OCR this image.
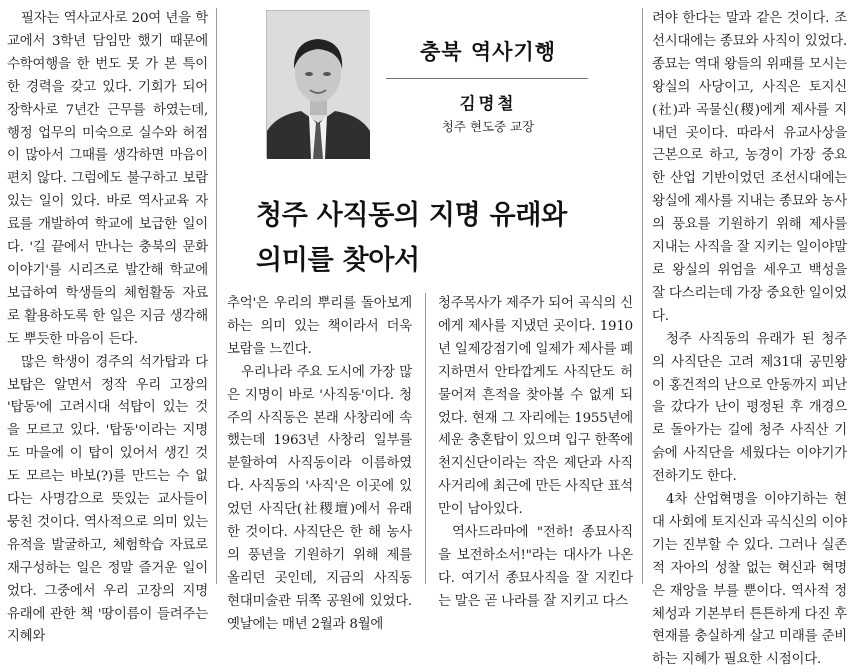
필자는 역사교사로 20여 년을 학교에서 3학년 담임만 했기 때문에 수학여행을 한 번도 못 가 본 특이한 경력을 갖고 있다. 기회가 되어 장학사로 7년간 근무를 하였는데, 행정 업무의 미숙으로 실수와 허점이 많아서 그때를 생각하면 마음이 편치 않다. 그럼에도 불구하고 보람 있는 일이 있다. 바로 역사교육 자료를 개발하여 학교에 보급한 일이다. '길 끝에서 만나는 충북의 문화 이야기'를 시리즈로 발간해 학교에 보급하여 학생들의 체험활동 자료로 활용하도록 한 일은 지금 생각해도 뿌듯한 마음이 든다.

많은 학생이 경주의 석가탑과 다보탑은 알면서 정작 우리 고장의 '탑동'에 고려시대 석탑이 있는 것을 모르고 있다. '탑동'이라는 지명도 마을에 이 탑이 있어서 생긴 것도 모르는 바보(?)를 만드는 수 없다는 사명감으로 뜻있는 교사들이 뭉친 것이다. 역사적으로 의미 있는 유적을 발굴하고, 체험학습 자료로 재구성하는 일은 정말 즐거운 일이었다. 그중에서 우리 고장의 지명 유래에 관한 책 '땅이름이 들려주는 지혜와

충북 역사기행
김명철
청주 현도중 교장
청주 사직동의 지명 유래와
의미를 찾아서

추억'은 우리의 뿌리를 돌아보게 하는 의미 있는 책이라서 더욱 보람을 느낀다.

우리나라 주요 도시에 가장 많은 지명이 바로 '사직동'이다. 청주의 사직동은 본래 사창리에 속했는데 1963년 사창리 일부를 분할하여 사직동이라 이름하였다. 사직동의 '사직'은 이곳에 있었던 사직단(社稷壇)에서 유래한 것이다. 사직단은 한 해 농사의 풍년을 기원하기 위해 제를 올리던 곳인데, 지금의 사직동 현대미술관 뒤쪽 공원에 있었다. 옛날에는 매년 2월과 8월에

청주목사가 제주가 되어 곡식의 신에게 제사를 지냈던 곳이다. 1910년 일제강점기에 일제가 제사를 폐지하면서 안타깝게도 사직단도 허물어져 흔적을 찾아볼 수 없게 되었다. 현재 그 자리에는 1955년에 세운 충혼탑이 있으며 입구 한쪽에 천지신단이라는 작은 제단과 사직사거리에 최근에 만든 사직단 표석만이 남아있다.

역사드라마에 "전하! 종묘사직을 보전하소서!"라는 대사가 나온다. 여기서 종묘사직을 잘 지킨다는 말은 곧 나라를 잘 지키고 다스

려야 한다는 말과 같은 것이다. 조선시대에는 종묘와 사직이 있었다. 종묘는 역대 왕들의 위패를 모시는 왕실의 사당이고, 사직은 토지신(社)과 곡물신(稷)에게 제사를 지내던 곳이다. 따라서 유교사상을 근본으로 하고, 농경이 가장 중요한 산업 기반이었던 조선시대에는 왕실에 제사를 지내는 종묘와 농사의 풍요를 기원하기 위해 제사를 지내는 사직을 잘 지키는 일이야말로 왕실의 위엄을 세우고 백성을 잘 다스리는데 가장 중요한 일이었다.

청주 사직동의 유래가 된 청주의 사직단은 고려 제31대 공민왕이 홍건적의 난으로 안동까지 피난을 갔다가 난이 평정된 후 개경으로 돌아가는 길에 청주 사직산 기슭에 사직단을 세웠다는 이야기가 전하기도 한다.

4차 산업혁명을 이야기하는 현대 사회에 토지신과 곡식신의 이야기는 진부할 수 있다. 그러나 실존적 자아의 성찰 없는 혁신과 혁명은 재앙을 부를 뿐이다. 역사적 정체성과 기본부터 튼튼하게 다진 후 현재를 충실하게 살고 미래를 준비하는 지혜가 필요한 시점이다.
